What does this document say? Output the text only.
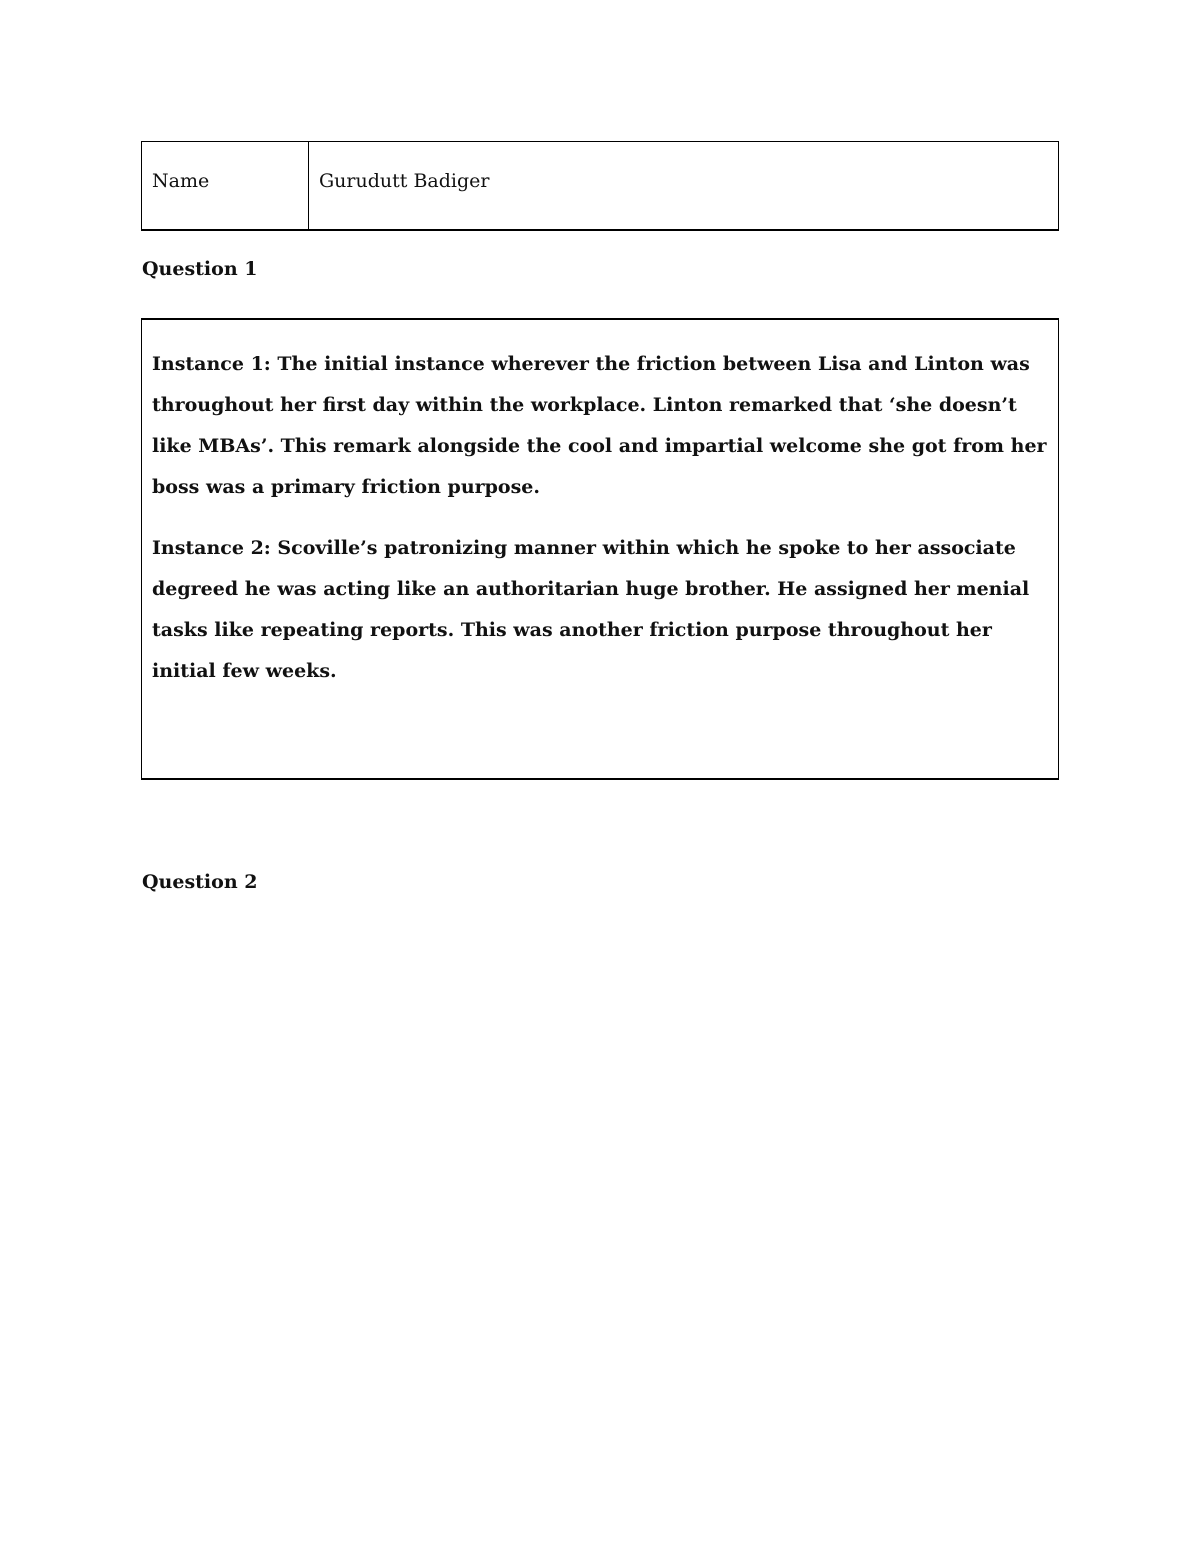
Name	Gurudutt Badiger
Question 1

Instance 1: The initial instance wherever the friction between Lisa and Linton was throughout her first day within the workplace. Linton remarked that ‘she doesn’t like MBAs’. This remark alongside the cool and impartial welcome she got from her boss was a primary friction purpose.

Instance 2: Scoville’s patronizing manner within which he spoke to her associate degreed he was acting like an authoritarian huge brother. He assigned her menial tasks like repeating reports. This was another friction purpose throughout her initial few weeks.

Question 2
